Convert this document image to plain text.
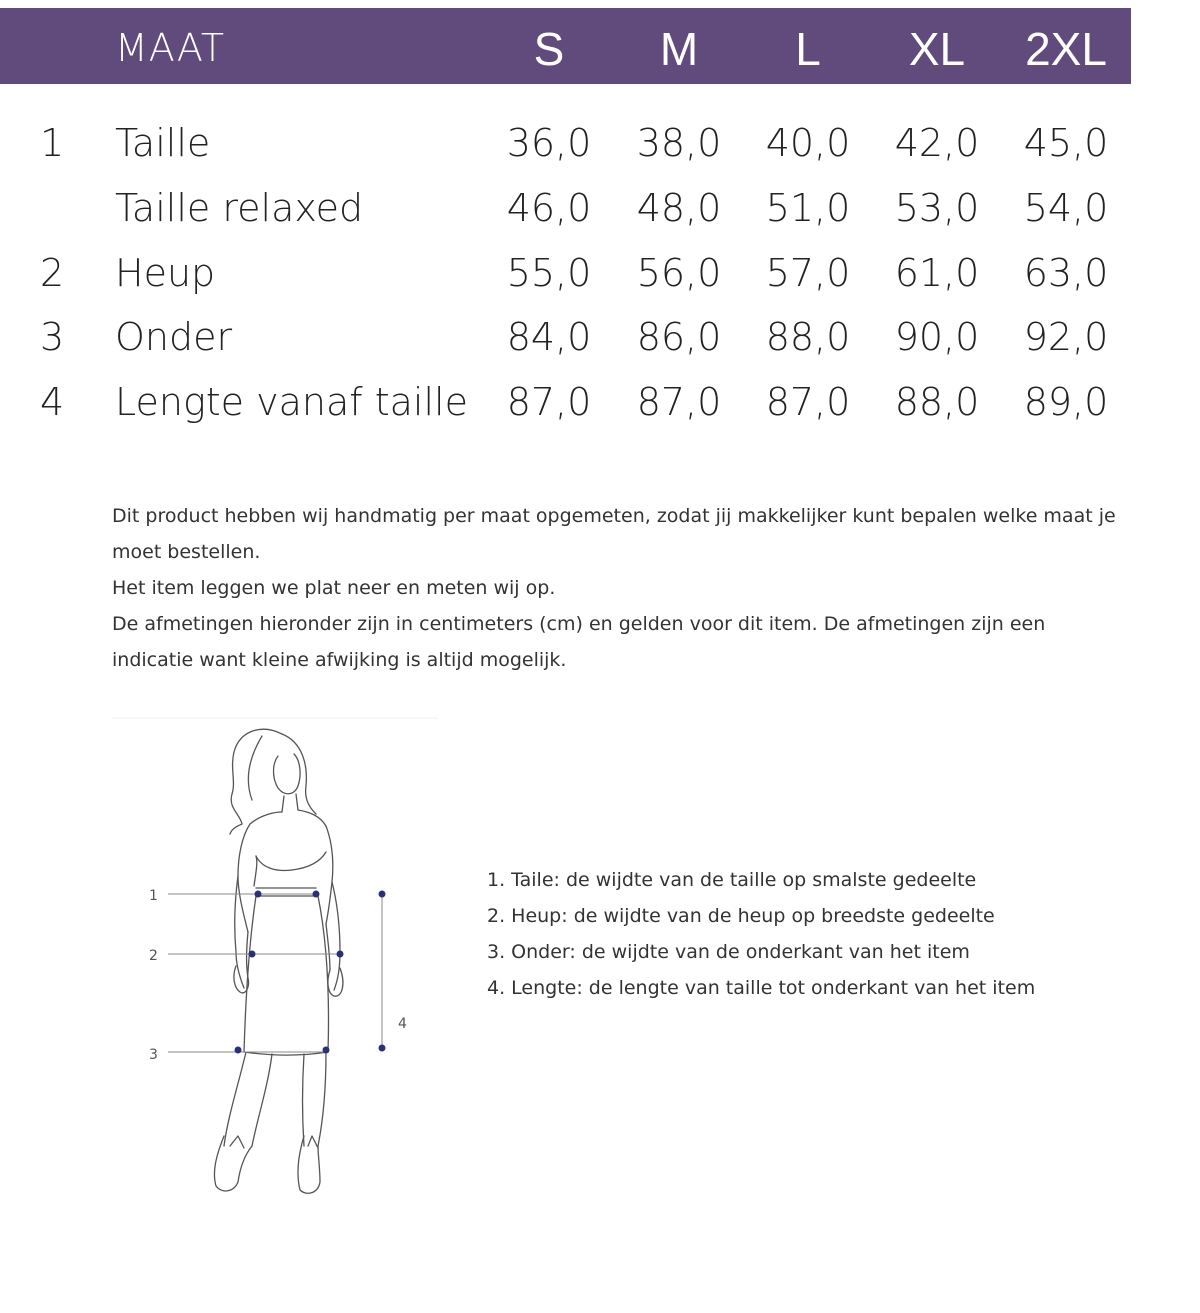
MAAT	S	M	L	XL	2XL
1	Taille	36,0	38,0	40,0	42,0	45,0
Taille relaxed	46,0	48,0	51,0	53,0	54,0
2	Heup	55,0	56,0	57,0	61,0	63,0
3	Onder	84,0	86,0	88,0	90,0	92,0
4	Lengte vanaf taille	87,0	87,0	87,0	88,0	89,0
Dit product hebben wij handmatig per maat opgemeten, zodat jij makkelijker kunt bepalen welke maat je
moet bestellen.
Het item leggen we plat neer en meten wij op.
De afmetingen hieronder zijn in centimeters (cm) en gelden voor dit item. De afmetingen zijn een
indicatie want kleine afwijking is altijd mogelijk.
1
2
3
4
1. Taile: de wijdte van de taille op smalste gedeelte
2. Heup: de wijdte van de heup op breedste gedeelte
3. Onder: de wijdte van de onderkant van het item
4. Lengte: de lengte van taille tot onderkant van het item
